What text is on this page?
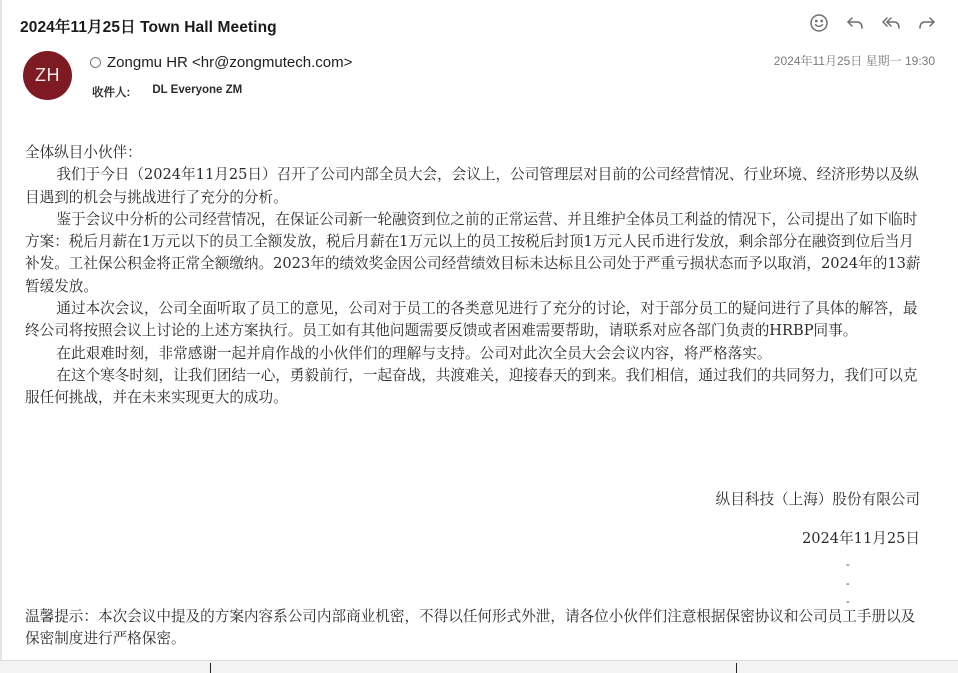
2024年11月25日 Town Hall Meeting
ZH
Zongmu HR <hr@zongmutech.com>
收件人: DL Everyone ZM
2024年11月25日 星期一 19:30

全体纵目小伙伴：

我们于今日（2024年11月25日）召开了公司内部全员大会，会议上，公司管理层对目前的公司经营情况、行业环境、经济形势以及纵目遇到的机会与挑战进行了充分的分析。

鉴于会议中分析的公司经营情况，在保证公司新一轮融资到位之前的正常运营、并且维护全体员工利益的情况下，公司提出了如下临时方案：税后月薪在1万元以下的员工全额发放，税后月薪在1万元以上的员工按税后封顶1万元人民币进行发放，剩余部分在融资到位后当月补发。工社保公积金将正常全额缴纳。2023年的绩效奖金因公司经营绩效目标未达标且公司处于严重亏损状态而予以取消，2024年的13薪暂缓发放。

通过本次会议，公司全面听取了员工的意见，公司对于员工的各类意见进行了充分的讨论，对于部分员工的疑问进行了具体的解答，最终公司将按照会议上讨论的上述方案执行。员工如有其他问题需要反馈或者困难需要帮助，请联系对应各部门负责的HRBP同事。

在此艰难时刻，非常感谢一起并肩作战的小伙伴们的理解与支持。公司对此次全员大会会议内容，将严格落实。

在这个寒冬时刻，让我们团结一心，勇毅前行，一起奋战，共渡难关，迎接春天的到来。我们相信，通过我们的共同努力，我们可以克服任何挑战，并在未来实现更大的成功。

纵目科技（上海）股份有限公司
2024年11月25日
-
-
-
温馨提示：本次会议中提及的方案内容系公司内部商业机密，不得以任何形式外泄，请各位小伙伴们注意根据保密协议和公司员工手册以及保密制度进行严格保密。
